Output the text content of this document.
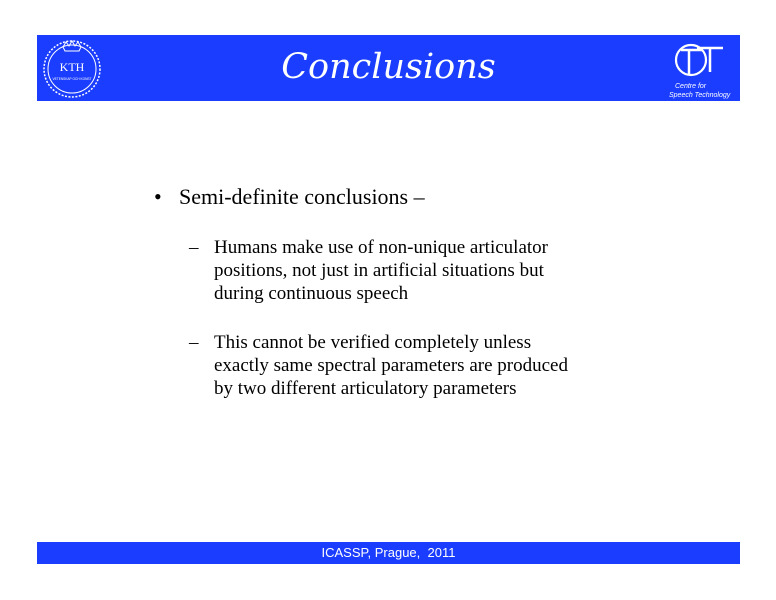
KTH
VETENSKAP OCH KONST	Conclusions	Centre for
Speech Technology
• Semi-definite conclusions –
– Humans make use of non-unique articulator
positions, not just in artificial situations but
during continuous speech
– This cannot be verified completely unless
exactly same spectral parameters are produced
by two different articulatory parameters
ICASSP, Prague,  2011
